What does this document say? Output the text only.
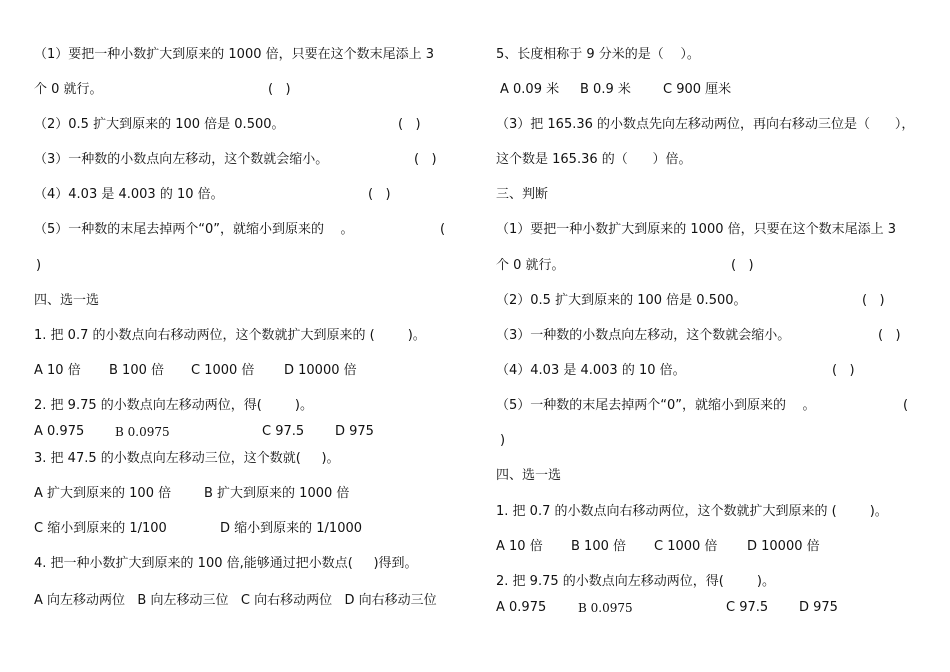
（1）要把一种小数扩大到原来的 1000 倍，只要在这个数末尾添上 3
个 0 就行。	(   )
（2）0.5 扩大到原来的 100 倍是 0.500。	(   )
（3）一种数的小数点向左移动，这个数就会缩小。	(   )
（4）4.03 是 4.003 的 10 倍。	(   )
（5）一种数的末尾去掉两个“0”，就缩小到原来的    。	(
)
四、选一选
1. 把 0.7 的小数点向右移动两位，这个数就扩大到原来的 (        )。
A 10 倍 B 100 倍 C 1000 倍 D 10000 倍
2. 把 9.75 的小数点向左移动两位，得(        )。
A 0.975	B 0.0975	C 97.5 D 975
3. 把 47.5 的小数点向左移动三位，这个数就(     )。
A 扩大到原来的 100 倍	B 扩大到原来的 1000 倍
C 缩小到原来的 1/100	D 缩小到原来的 1/1000
4. 把一种小数扩大到原来的 100 倍,能够通过把小数点(     )得到。
A 向左移动两位   B 向左移动三位   C 向右移动两位   D 向右移动三位
5、长度相称于 9 分米的是（    ）。
A 0.09 米 B 0.9 米 C 900 厘米
（3）把 165.36 的小数点先向左移动两位，再向右移动三位是（      ），
这个数是 165.36 的（      ）倍。
三、判断
（1）要把一种小数扩大到原来的 1000 倍，只要在这个数末尾添上 3
个 0 就行。	(   )
（2）0.5 扩大到原来的 100 倍是 0.500。	(   )
（3）一种数的小数点向左移动，这个数就会缩小。	(   )
（4）4.03 是 4.003 的 10 倍。	(   )
（5）一种数的末尾去掉两个“0”，就缩小到原来的    。	(
)
四、选一选
1. 把 0.7 的小数点向右移动两位，这个数就扩大到原来的 (        )。
A 10 倍 B 100 倍 C 1000 倍 D 10000 倍
2. 把 9.75 的小数点向左移动两位，得(        )。
A 0.975	B 0.0975	C 97.5 D 975
